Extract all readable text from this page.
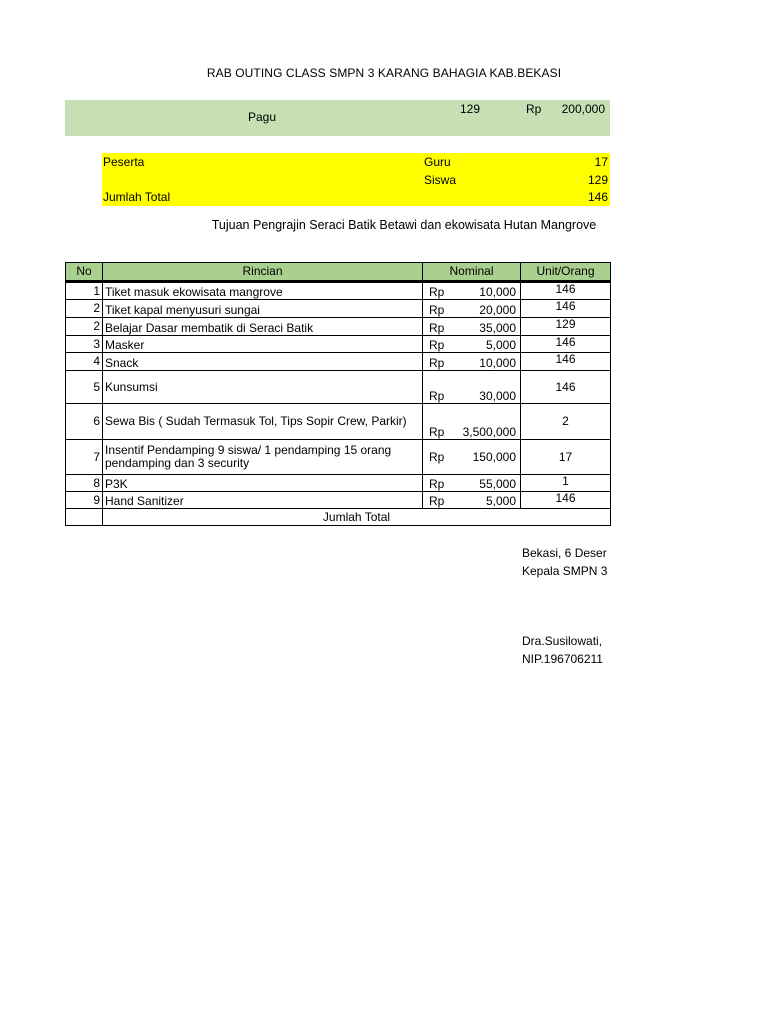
RAB OUTING CLASS SMPN 3 KARANG BAHAGIA KAB.BEKASI
Pagu
129	Rp	200,000
Peserta	Guru	17
Siswa	129
Jumlah Total	146
Tujuan Pengrajin Seraci Batik Betawi dan ekowisata Hutan Mangrove
No	Rincian	Nominal	Unit/Orang
1	Tiket masuk ekowisata mangrove	Rp 10,000	146
2	Tiket kapal menyusuri sungai	Rp 20,000	146
2	Belajar Dasar membatik di Seraci Batik	Rp 35,000	129
3	Masker	Rp 5,000	146
4	Snack	Rp 10,000	146
5	Kunsumsi	Rp 30,000	146
6	Sewa Bis ( Sudah Termasuk Tol, Tips Sopir Crew, Parkir)	Rp 3,500,000	2
7	Insentif Pendamping 9 siswa/ 1 pendamping 15 orang pendamping dan 3 security	Rp 150,000	17
8	P3K	Rp 55,000	1
9	Hand Sanitizer	Rp 5,000	146
	Jumlah Total		
Bekasi, 6 Deser
Kepala SMPN 3
Dra.Susilowati,
NIP.196706211
